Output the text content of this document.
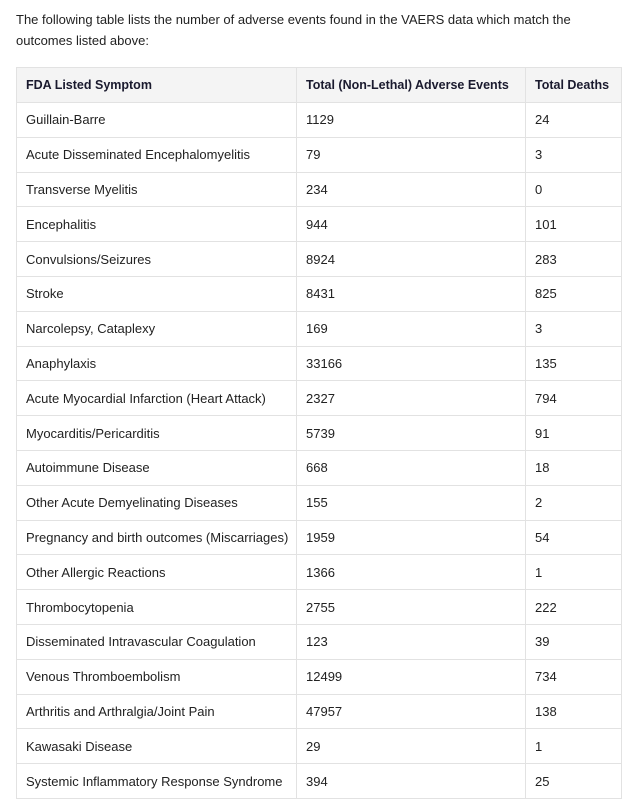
The following table lists the number of adverse events found in the VAERS data which match the outcomes listed above:

FDA Listed Symptom	Total (Non-Lethal) Adverse Events	Total Deaths
Guillain-Barre	1129	24
Acute Disseminated Encephalomyelitis	79	3
Transverse Myelitis	234	0
Encephalitis	944	101
Convulsions/Seizures	8924	283
Stroke	8431	825
Narcolepsy, Cataplexy	169	3
Anaphylaxis	33166	135
Acute Myocardial Infarction (Heart Attack)	2327	794
Myocarditis/Pericarditis	5739	91
Autoimmune Disease	668	18
Other Acute Demyelinating Diseases	155	2
Pregnancy and birth outcomes (Miscarriages)	1959	54
Other Allergic Reactions	1366	1
Thrombocytopenia	2755	222
Disseminated Intravascular Coagulation	123	39
Venous Thromboembolism	12499	734
Arthritis and Arthralgia/Joint Pain	47957	138
Kawasaki Disease	29	1
Systemic Inflammatory Response Syndrome	394	25
